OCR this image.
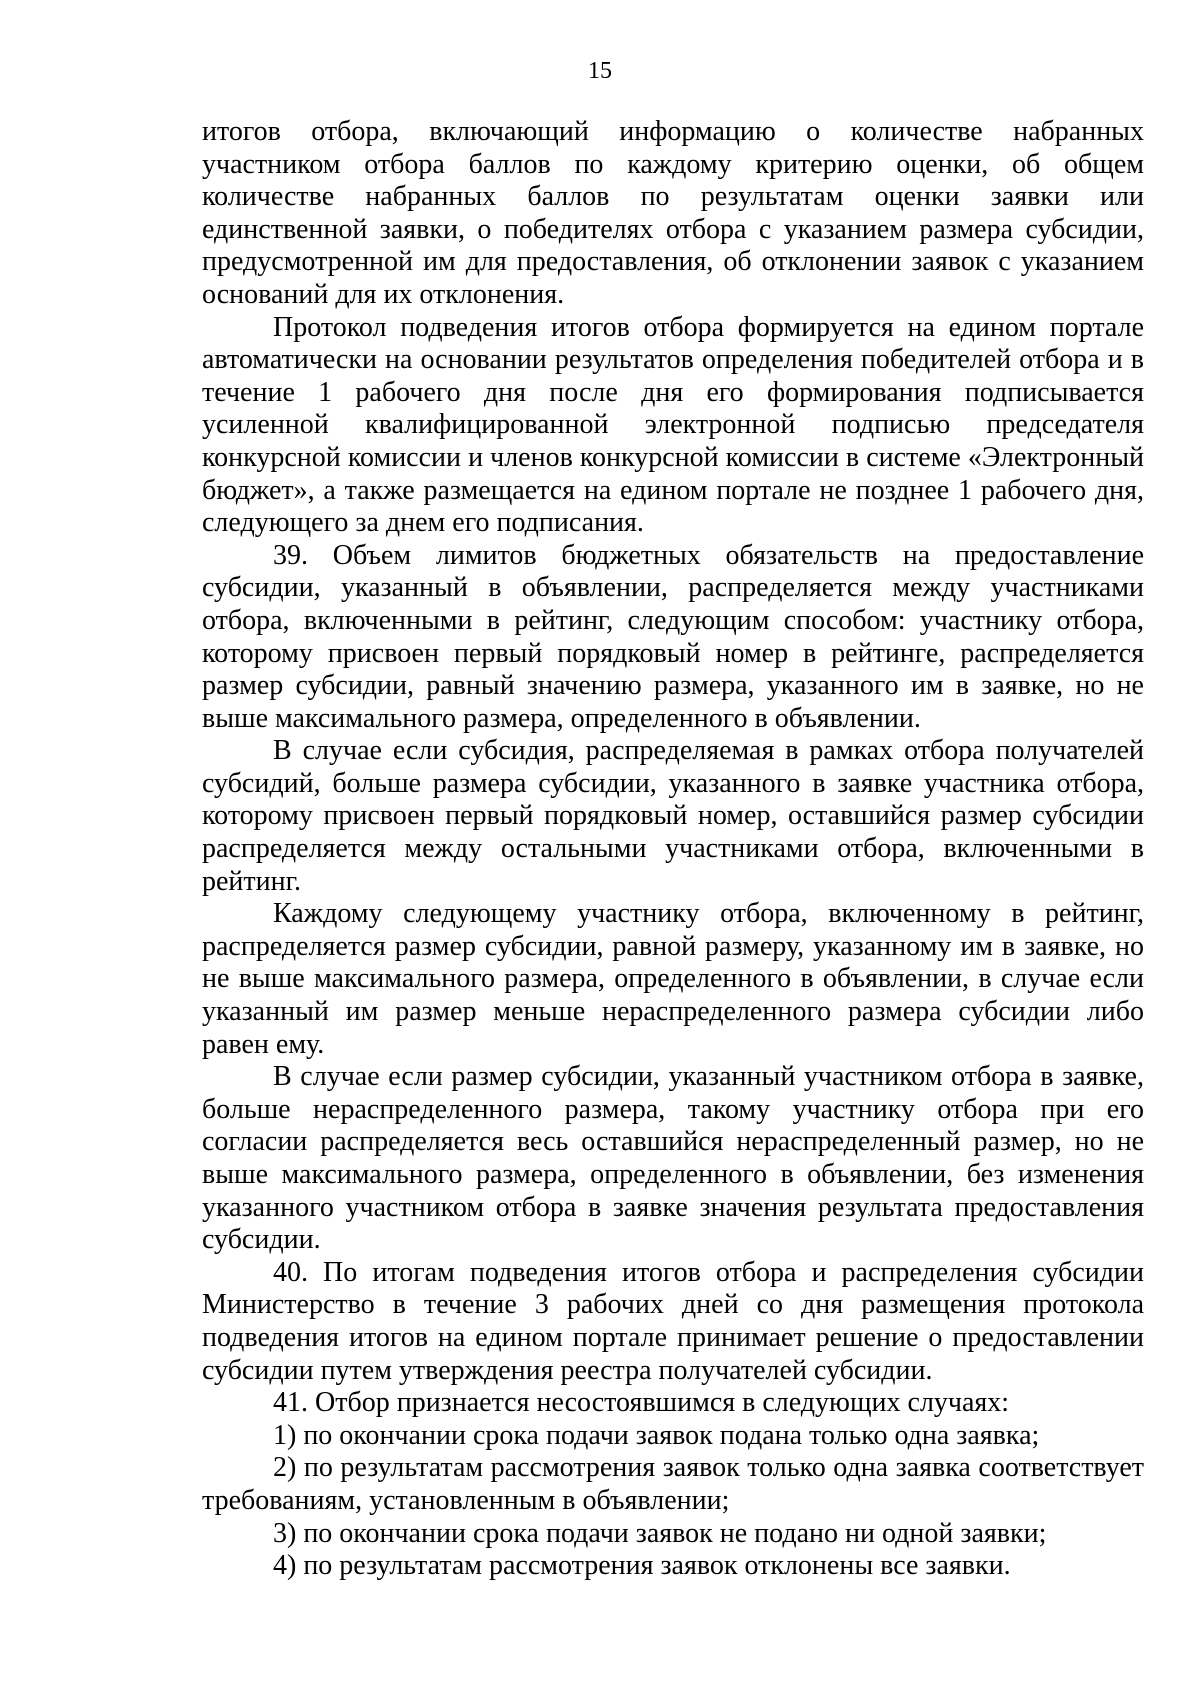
15

итогов отбора, включающий информацию о количестве набранных участником отбора баллов по каждому критерию оценки, об общем количестве набранных баллов по результатам оценки заявки или единственной заявки, о победителях отбора с указанием размера субсидии, предусмотренной им для предоставления, об отклонении заявок с указанием оснований для их отклонения.

Протокол подведения итогов отбора формируется на едином портале автоматически на основании результатов определения победителей отбора и в течение 1 рабочего дня после дня его формирования подписывается усиленной квалифицированной электронной подписью председателя конкурсной комиссии и членов конкурсной комиссии в системе «Электронный бюджет», а также размещается на едином портале не позднее 1 рабочего дня, следующего за днем его подписания.

39. Объем лимитов бюджетных обязательств на предоставление субсидии, указанный в объявлении, распределяется между участниками отбора, включенными в рейтинг, следующим способом: участнику отбора, которому присвоен первый порядковый номер в рейтинге, распределяется размер субсидии, равный значению размера, указанного им в заявке, но не выше максимального размера, определенного в объявлении.

В случае если субсидия, распределяемая в рамках отбора получателей субсидий, больше размера субсидии, указанного в заявке участника отбора, которому присвоен первый порядковый номер, оставшийся размер субсидии распределяется между остальными участниками отбора, включенными в рейтинг.

Каждому следующему участнику отбора, включенному в рейтинг, распределяется размер субсидии, равной размеру, указанному им в заявке, но не выше максимального размера, определенного в объявлении, в случае если указанный им размер меньше нераспределенного размера субсидии либо равен ему.

В случае если размер субсидии, указанный участником отбора в заявке, больше нераспределенного размера, такому участнику отбора при его согласии распределяется весь оставшийся нераспределенный размер, но не выше максимального размера, определенного в объявлении, без изменения указанного участником отбора в заявке значения результата предоставления субсидии.

40. По итогам подведения итогов отбора и распределения субсидии Министерство в течение 3 рабочих дней со дня размещения протокола подведения итогов на едином портале принимает решение о предоставлении субсидии путем утверждения реестра получателей субсидии.

41. Отбор признается несостоявшимся в следующих случаях:

1) по окончании срока подачи заявок подана только одна заявка;

2) по результатам рассмотрения заявок только одна заявка соответствует требованиям, установленным в объявлении;

3) по окончании срока подачи заявок не подано ни одной заявки;

4) по результатам рассмотрения заявок отклонены все заявки.
